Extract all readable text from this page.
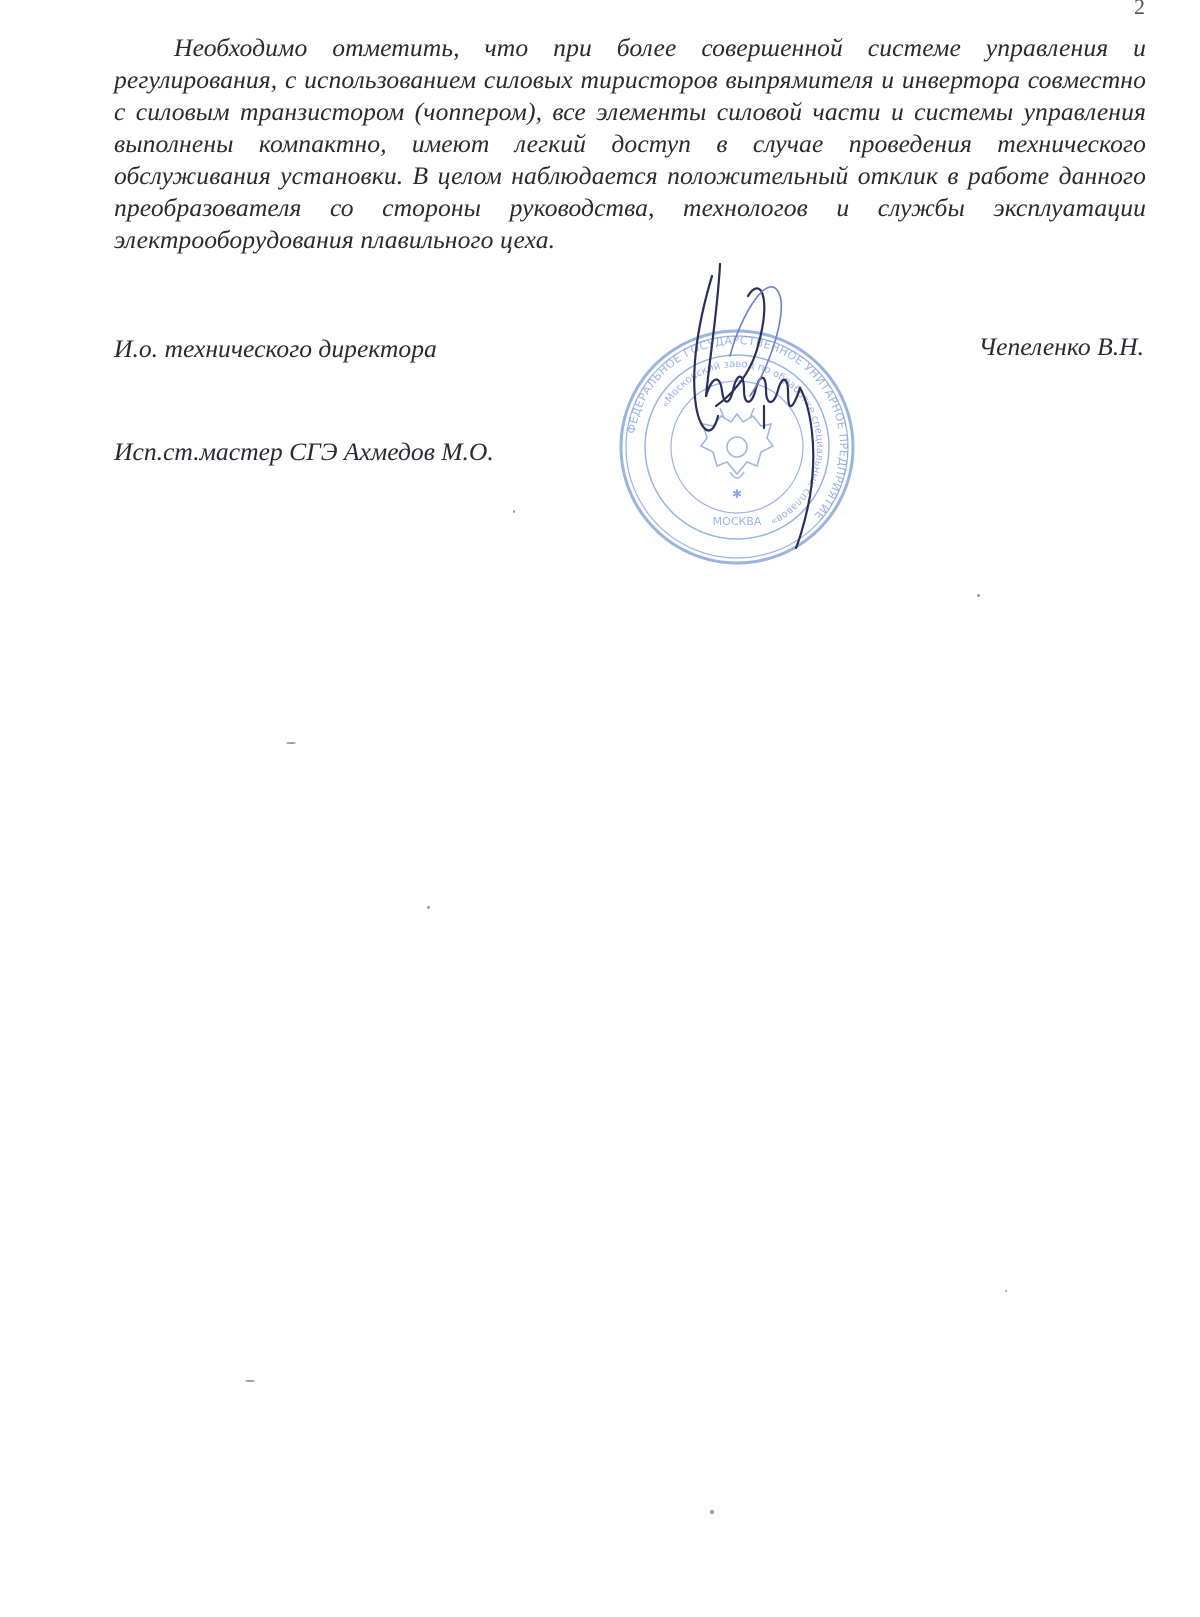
2

Необходимо отметить, что при более совершенной системе управления и регулирования, с использованием силовых тиристоров выпрямителя и инвертора совместно с силовым транзистором (чоппером), все элементы силовой части и системы управления выполнены компактно, имеют легкий доступ в случае проведения технического обслуживания установки. В целом наблюдается положительный отклик в работе данного преобразователя со стороны руководства, технологов и службы эксплуатации электрооборудования плавильного цеха.

И.о. технического директора	Чепеленко В.Н.
Исп.ст.мастер СГЭ Ахмедов М.О.
ФЕДЕРАЛЬНОЕ ГОСУДАРСТВЕННОЕ УНИТАРНОЕ ПРЕДПРИЯТИЕ
«Московский завод по обработке специальных сплавов»
МОСКВА
✱
